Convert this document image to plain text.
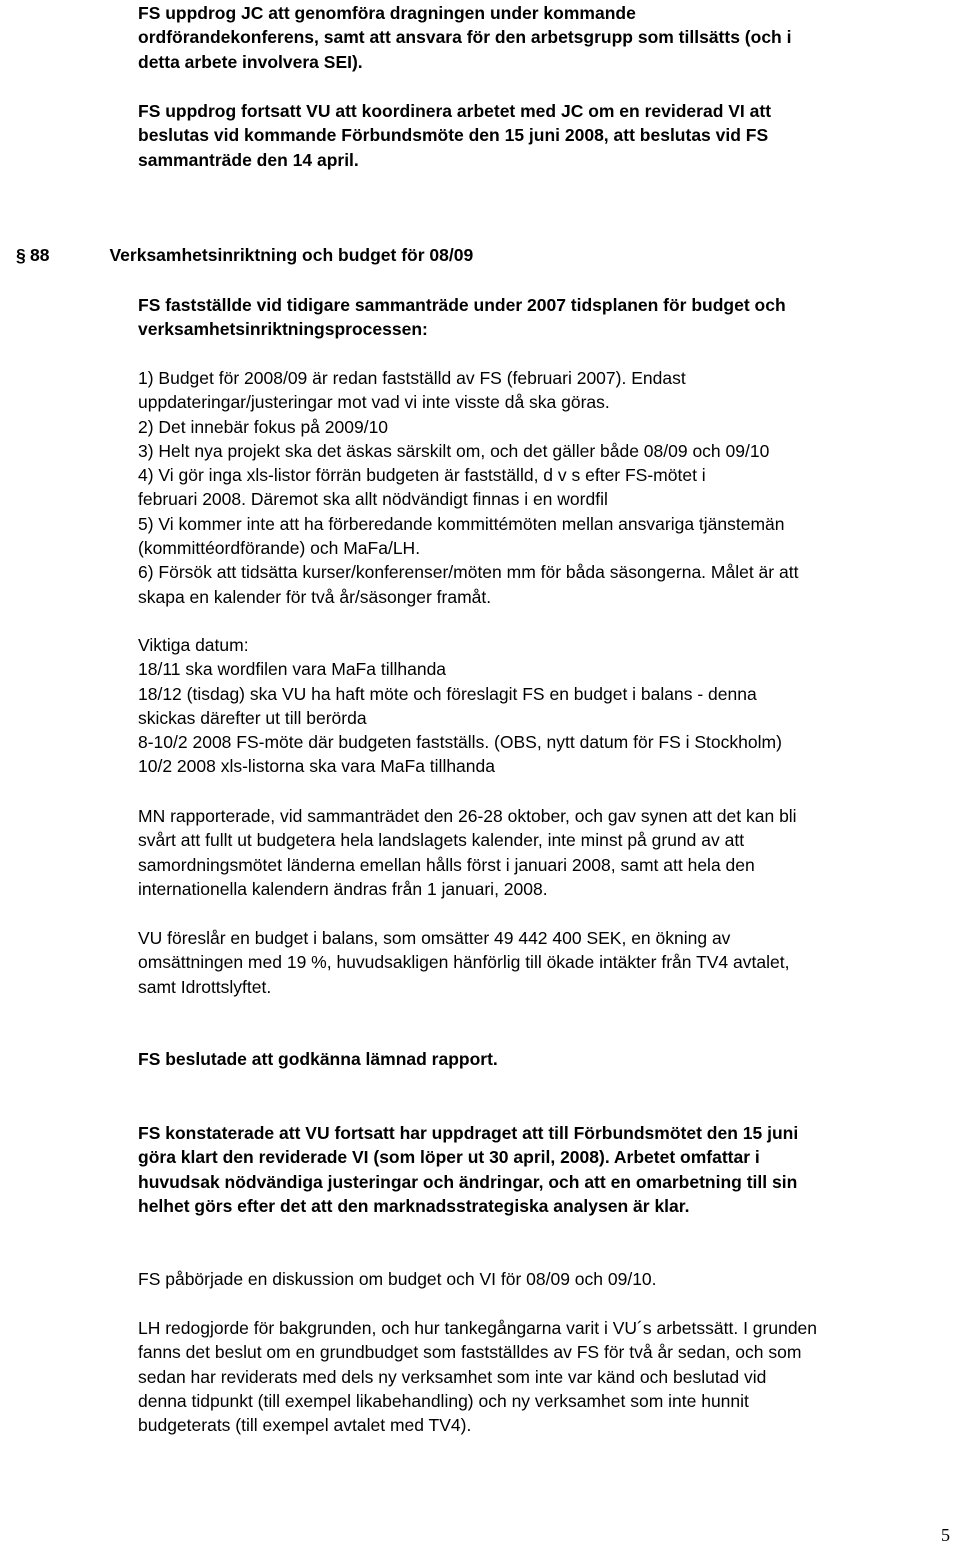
FS uppdrog JC att genomföra dragningen under kommande
ordförandekonferens, samt att ansvara för den arbetsgrupp som tillsätts (och i
detta arbete involvera SEI).

FS uppdrog fortsatt VU att koordinera arbetet med JC om en reviderad VI att
beslutas vid kommande Förbundsmöte den 15 juni 2008, att beslutas vid FS
sammanträde den 14 april.

§ 88	Verksamhetsinriktning och budget för 08/09

FS fastställde vid tidigare sammanträde under 2007 tidsplanen för budget och
verksamhetsinriktningsprocessen:

1) Budget för 2008/09 är redan fastställd av FS (februari 2007). Endast
uppdateringar/justeringar mot vad vi inte visste då ska göras.
2) Det innebär fokus på 2009/10
3) Helt nya projekt ska det äskas särskilt om, och det gäller både 08/09 och 09/10
4) Vi gör inga xls-listor förrän budgeten är fastställd, d v s efter FS-mötet i
februari 2008. Däremot ska allt nödvändigt finnas i en wordfil
5) Vi kommer inte att ha förberedande kommittémöten mellan ansvariga tjänstemän
(kommittéordförande) och MaFa/LH.
6) Försök att tidsätta kurser/konferenser/möten mm för båda säsongerna. Målet är att
skapa en kalender för två år/säsonger framåt.

Viktiga datum:
18/11 ska wordfilen vara MaFa tillhanda
18/12 (tisdag) ska VU ha haft möte och föreslagit FS en budget i balans - denna
skickas därefter ut till berörda
8-10/2 2008 FS-möte där budgeten fastställs. (OBS, nytt datum för FS i Stockholm)
10/2 2008 xls-listorna ska vara MaFa tillhanda

MN rapporterade, vid sammanträdet den 26-28 oktober, och gav synen att det kan bli
svårt att fullt ut budgetera hela landslagets kalender, inte minst på grund av att
samordningsmötet länderna emellan hålls först i januari 2008, samt att hela den
internationella kalendern ändras från 1 januari, 2008.

VU föreslår en budget i balans, som omsätter 49 442 400 SEK, en ökning av
omsättningen med 19 %, huvudsakligen hänförlig till ökade intäkter från TV4 avtalet,
samt Idrottslyftet.

FS beslutade att godkänna lämnad rapport.

FS konstaterade att VU fortsatt har uppdraget att till Förbundsmötet den 15 juni
göra klart den reviderade VI (som löper ut 30 april, 2008). Arbetet omfattar i
huvudsak nödvändiga justeringar och ändringar, och att en omarbetning till sin
helhet görs efter det att den marknadsstrategiska analysen är klar.

FS påbörjade en diskussion om budget och VI för 08/09 och 09/10.

LH redogjorde för bakgrunden, och hur tankegångarna varit i VU´s arbetssätt. I grunden
fanns det beslut om en grundbudget som fastställdes av FS för två år sedan, och som
sedan har reviderats med dels ny verksamhet som inte var känd och beslutad vid
denna tidpunkt (till exempel likabehandling) och ny verksamhet som inte hunnit
budgeterats (till exempel avtalet med TV4).

5
